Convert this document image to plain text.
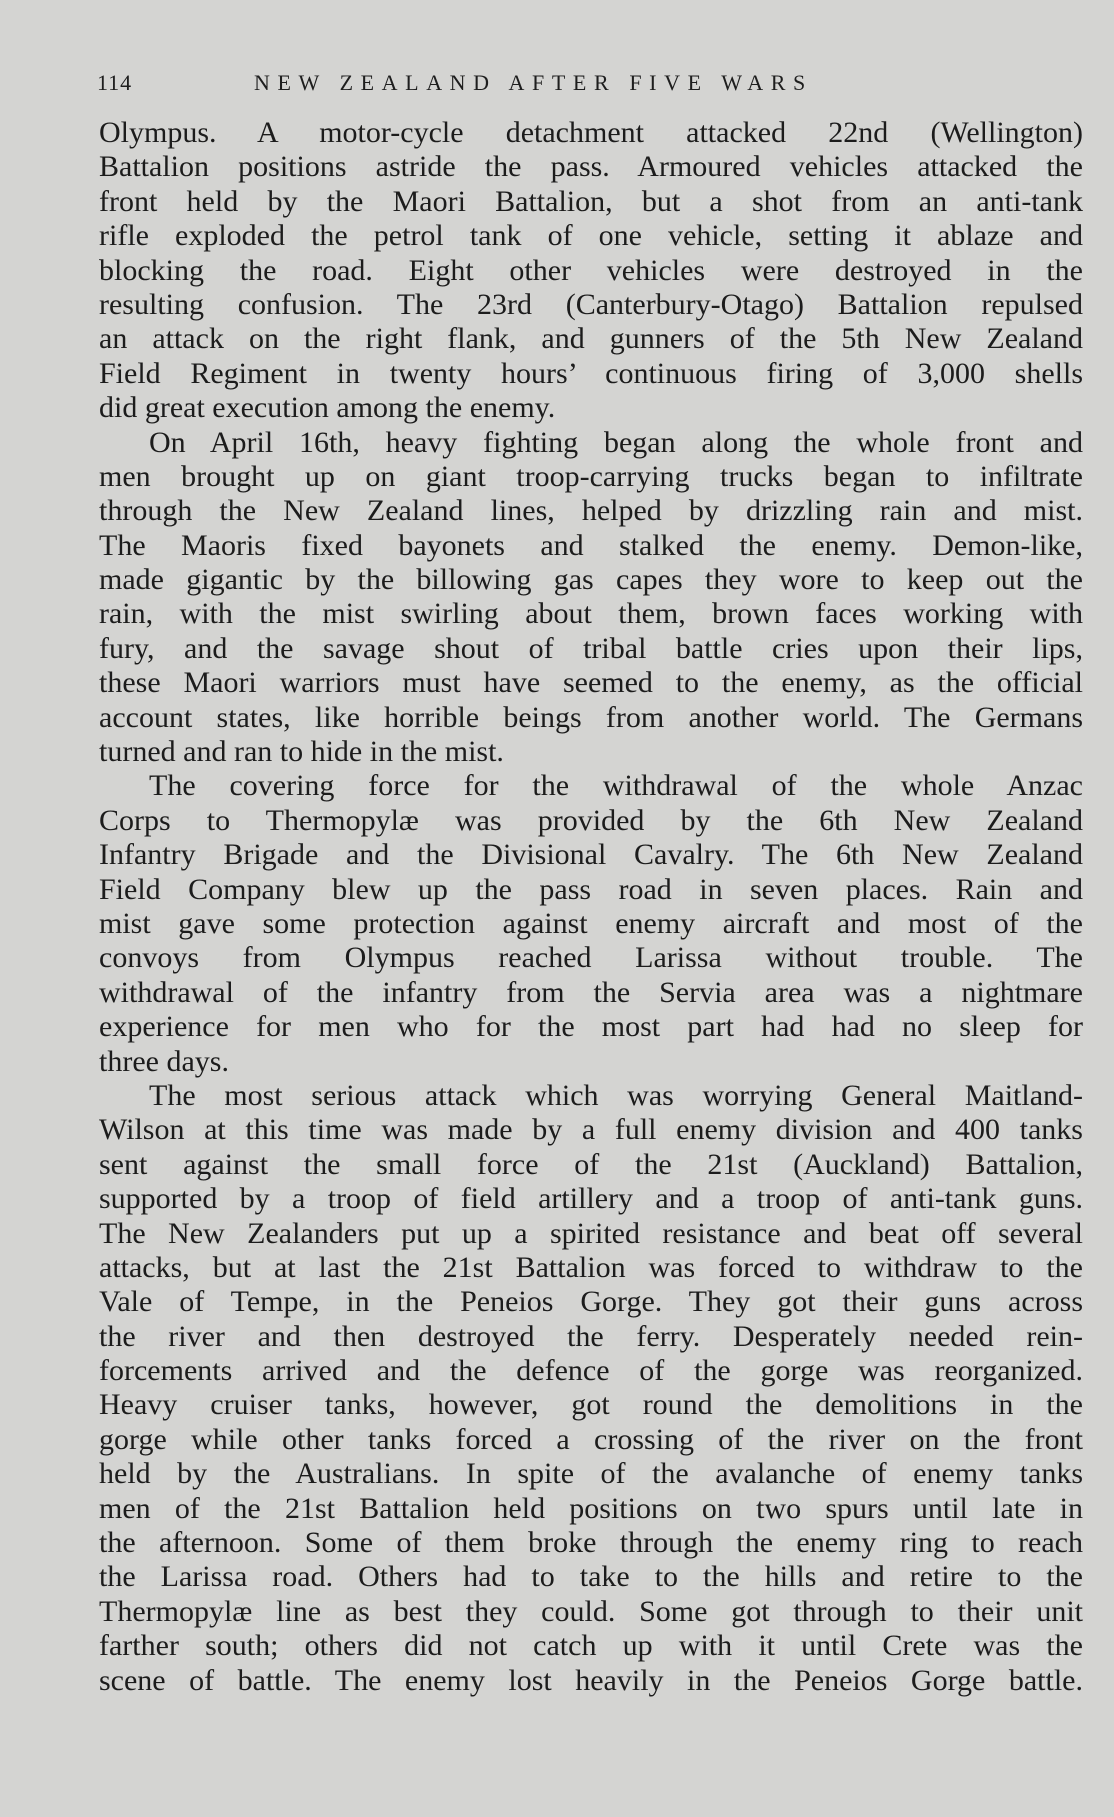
114	NEW ZEALAND AFTER FIVE WARS
Olympus. A motor-cycle detachment attacked 22nd (Wellington)
Battalion positions astride the pass. Armoured vehicles attacked the
front held by the Maori Battalion, but a shot from an anti-tank
rifle exploded the petrol tank of one vehicle, setting it ablaze and
blocking the road. Eight other vehicles were destroyed in the
resulting confusion. The 23rd (Canterbury-Otago) Battalion repulsed
an attack on the right flank, and gunners of the 5th New Zealand
Field Regiment in twenty hours’ continuous firing of 3,000 shells
did great execution among the enemy.
On April 16th, heavy fighting began along the whole front and
men brought up on giant troop-carrying trucks began to infiltrate
through the New Zealand lines, helped by drizzling rain and mist.
The Maoris fixed bayonets and stalked the enemy. Demon-like,
made gigantic by the billowing gas capes they wore to keep out the
rain, with the mist swirling about them, brown faces working with
fury, and the savage shout of tribal battle cries upon their lips,
these Maori warriors must have seemed to the enemy, as the official
account states, like horrible beings from another world. The Germans
turned and ran to hide in the mist.
The covering force for the withdrawal of the whole Anzac
Corps to Thermopylæ was provided by the 6th New Zealand
Infantry Brigade and the Divisional Cavalry. The 6th New Zealand
Field Company blew up the pass road in seven places. Rain and
mist gave some protection against enemy aircraft and most of the
convoys from Olympus reached Larissa without trouble. The
withdrawal of the infantry from the Servia area was a nightmare
experience for men who for the most part had had no sleep for
three days.
The most serious attack which was worrying General Maitland-
Wilson at this time was made by a full enemy division and 400 tanks
sent against the small force of the 21st (Auckland) Battalion,
supported by a troop of field artillery and a troop of anti-tank guns.
The New Zealanders put up a spirited resistance and beat off several
attacks, but at last the 21st Battalion was forced to withdraw to the
Vale of Tempe, in the Peneios Gorge. They got their guns across
the river and then destroyed the ferry. Desperately needed rein-
forcements arrived and the defence of the gorge was reorganized.
Heavy cruiser tanks, however, got round the demolitions in the
gorge while other tanks forced a crossing of the river on the front
held by the Australians. In spite of the avalanche of enemy tanks
men of the 21st Battalion held positions on two spurs until late in
the afternoon. Some of them broke through the enemy ring to reach
the Larissa road. Others had to take to the hills and retire to the
Thermopylæ line as best they could. Some got through to their unit
farther south; others did not catch up with it until Crete was the
scene of battle. The enemy lost heavily in the Peneios Gorge battle.
